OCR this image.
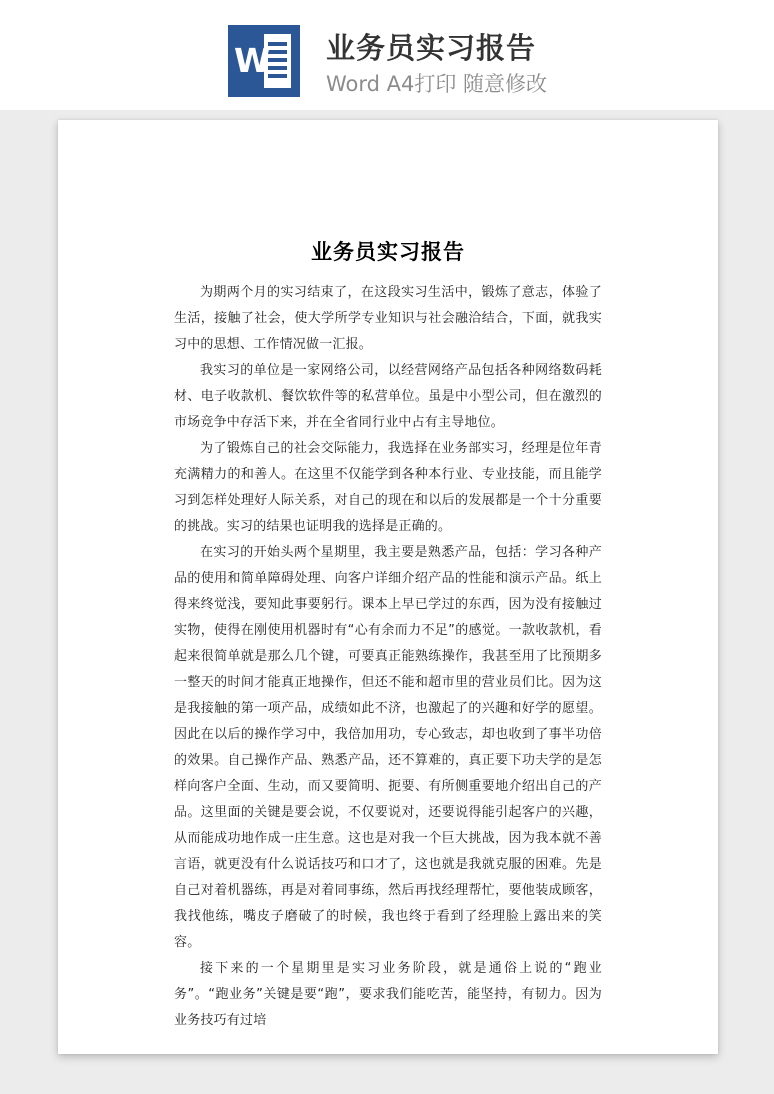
W 业务员实习报告
Word A4打印 随意修改
业务员实习报告

为期两个月的实习结束了，在这段实习生活中，锻炼了意志，体验了生活，接触了社会，使大学所学专业知识与社会融洽结合，下面，就我实习中的思想、工作情况做一汇报。

我实习的单位是一家网络公司，以经营网络产品包括各种网络数码耗材、电子收款机、餐饮软件等的私营单位。虽是中小型公司，但在激烈的市场竞争中存活下来，并在全省同行业中占有主导地位。

为了锻炼自己的社会交际能力，我选择在业务部实习，经理是位年青充满精力的和善人。在这里不仅能学到各种本行业、专业技能，而且能学习到怎样处理好人际关系，对自己的现在和以后的发展都是一个十分重要的挑战。实习的结果也证明我的选择是正确的。

在实习的开始头两个星期里，我主要是熟悉产品，包括：学习各种产品的使用和简单障碍处理、向客户详细介绍产品的性能和演示产品。纸上得来终觉浅，要知此事要躬行。课本上早已学过的东西，因为没有接触过实物，使得在刚使用机器时有“心有余而力不足”的感觉。一款收款机，看起来很简单就是那么几个键，可要真正能熟练操作，我甚至用了比预期多一整天的时间才能真正地操作，但还不能和超市里的营业员们比。因为这是我接触的第一项产品，成绩如此不济，也激起了的兴趣和好学的愿望。因此在以后的操作学习中，我倍加用功，专心致志，却也收到了事半功倍的效果。自己操作产品、熟悉产品，还不算难的，真正要下功夫学的是怎样向客户全面、生动，而又要简明、扼要、有所侧重要地介绍出自己的产品。这里面的关键是要会说，不仅要说对，还要说得能引起客户的兴趣，从而能成功地作成一庄生意。这也是对我一个巨大挑战，因为我本就不善言语，就更没有什么说话技巧和口才了，这也就是我就克服的困难。先是自己对着机器练，再是对着同事练，然后再找经理帮忙，要他装成顾客，我找他练，嘴皮子磨破了的时候，我也终于看到了经理脸上露出来的笑容。

接下来的一个星期里是实习业务阶段，就是通俗上说的“跑业务”。“跑业务”关键是要“跑”，要求我们能吃苦，能坚持，有韧力。因为业务技巧有过培
